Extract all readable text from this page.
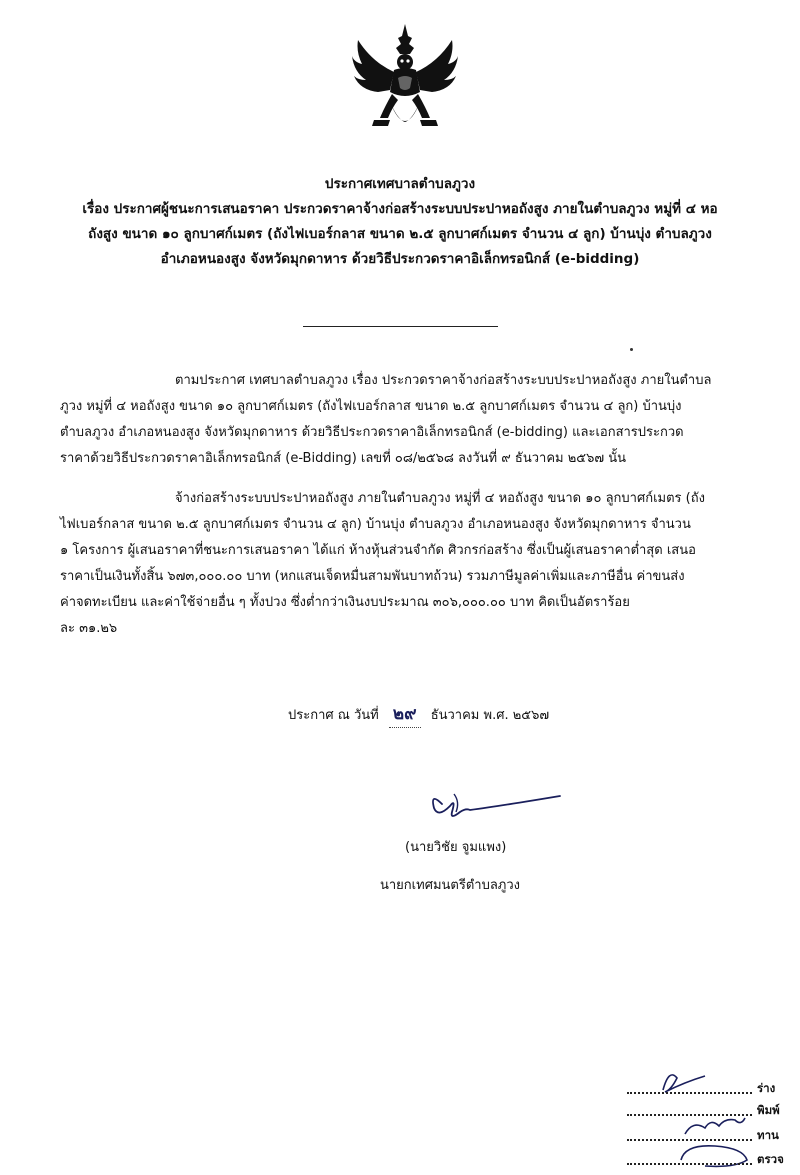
ประกาศเทศบาลตำบลภูวง
เรื่อง ประกาศผู้ชนะการเสนอราคา ประกวดราคาจ้างก่อสร้างระบบประปาหอถังสูง ภายในตำบลภูวง หมู่ที่ ๔ หอ
ถังสูง ขนาด ๑๐ ลูกบาศก์เมตร (ถังไฟเบอร์กลาส ขนาด ๒.๕ ลูกบาศก์เมตร จำนวน ๔ ลูก) บ้านบุ่ง ตำบลภูวง
อำเภอหนองสูง จังหวัดมุกดาหาร ด้วยวิธีประกวดราคาอิเล็กทรอนิกส์ (e-bidding)
ตามประกาศ เทศบาลตำบลภูวง เรื่อง ประกวดราคาจ้างก่อสร้างระบบประปาหอถังสูง ภายในตำบล
ภูวง หมู่ที่ ๔ หอถังสูง ขนาด ๑๐ ลูกบาศก์เมตร (ถังไฟเบอร์กลาส ขนาด ๒.๕ ลูกบาศก์เมตร จำนวน ๔ ลูก) บ้านบุ่ง
ตำบลภูวง อำเภอหนองสูง จังหวัดมุกดาหาร ด้วยวิธีประกวดราคาอิเล็กทรอนิกส์ (e-bidding) และเอกสารประกวด
ราคาด้วยวิธีประกวดราคาอิเล็กทรอนิกส์ (e-Bidding) เลขที่ ๐๘/๒๕๖๘ ลงวันที่ ๙ ธันวาคม ๒๕๖๗ นั้น
จ้างก่อสร้างระบบประปาหอถังสูง ภายในตำบลภูวง หมู่ที่ ๔ หอถังสูง ขนาด ๑๐ ลูกบาศก์เมตร (ถัง
ไฟเบอร์กลาส ขนาด ๒.๕ ลูกบาศก์เมตร จำนวน ๔ ลูก) บ้านบุ่ง ตำบลภูวง อำเภอหนองสูง จังหวัดมุกดาหาร จำนวน
๑ โครงการ ผู้เสนอราคาที่ชนะการเสนอราคา ได้แก่ ห้างหุ้นส่วนจำกัด ศิวกรก่อสร้าง ซึ่งเป็นผู้เสนอราคาต่ำสุด เสนอ
ราคาเป็นเงินทั้งสิ้น ๖๗๓,๐๐๐.๐๐ บาท (หกแสนเจ็ดหมื่นสามพันบาทถ้วน) รวมภาษีมูลค่าเพิ่มและภาษีอื่น ค่าขนส่ง
ค่าจดทะเบียน และค่าใช้จ่ายอื่น ๆ ทั้งปวง ซึ่งต่ำกว่าเงินงบประมาณ ๓๐๖,๐๐๐.๐๐ บาท คิดเป็นอัตราร้อย
ละ ๓๑.๒๖
ประกาศ ณ วันที่ ๒๙ ธันวาคม พ.ศ. ๒๕๖๗
(นายวิชัย จูมแพง)
นายกเทศมนตรีตำบลภูวง
ร่าง
พิมพ์
ทาน
ตรวจ
